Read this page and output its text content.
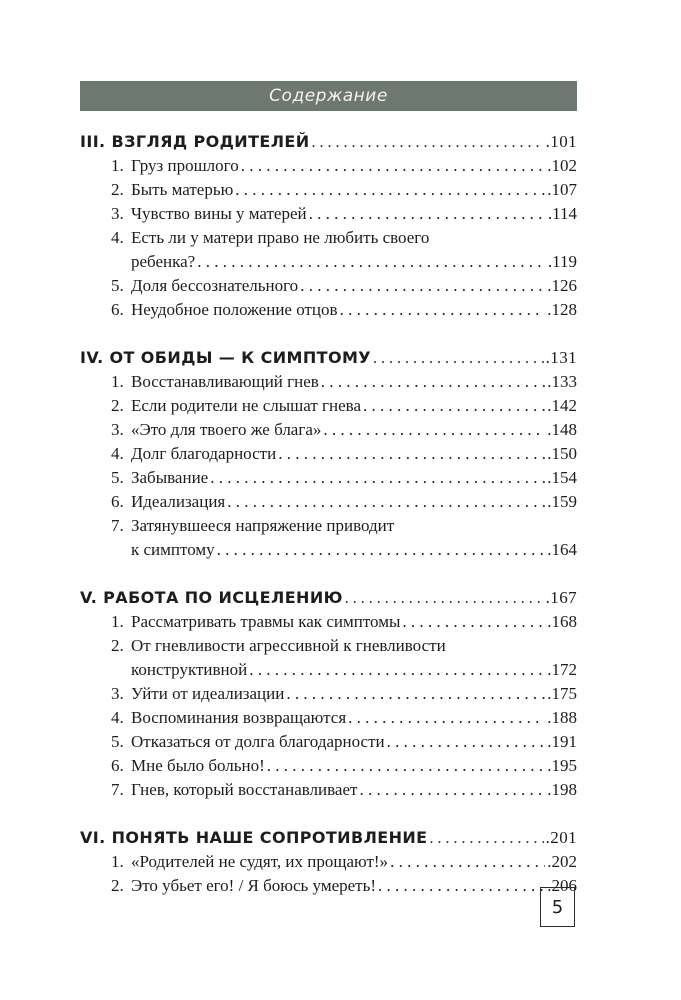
Содержание
III. ВЗГЛЯД РОДИТЕЛЕЙ . . .	.101
1. Груз прошлого . . .	.102
2. Быть матерью . . .	.107
3. Чувство вины у матерей . . .	.114
4. Есть ли у матери право не любить своего
ребенка? . . .	.119
5. Доля бессознательного . . .	.126
6. Неудобное положение отцов . . .	.128
IV. ОТ ОБИДЫ — К СИМПТОМУ . . .	.131
1. Восстанавливающий гнев . . .	.133
2. Если родители не слышат гнева . . .	.142
3. «Это для твоего же блага» . . .	.148
4. Долг благодарности . . .	.150
5. Забывание . . .	.154
6. Идеализация . . .	.159
7. Затянувшееся напряжение приводит
к симптому . . .	.164
V. РАБОТА ПО ИСЦЕЛЕНИЮ . . .	.167
1. Рассматривать травмы как симптомы . . .	.168
2. От гневливости агрессивной к гневливости
конструктивной . . .	.172
3. Уйти от идеализации . . .	.175
4. Воспоминания возвращаются . . .	.188
5. Отказаться от долга благодарности . . .	.191
6. Мне было больно! . . .	.195
7. Гнев, который восстанавливает . . .	.198
VI. ПОНЯТЬ НАШЕ СОПРОТИВЛЕНИЕ . . .	.201
1. «Родителей не судят, их прощают!» . . .	.202
2. Это убьет его! / Я боюсь умереть! . . .	.206
5
